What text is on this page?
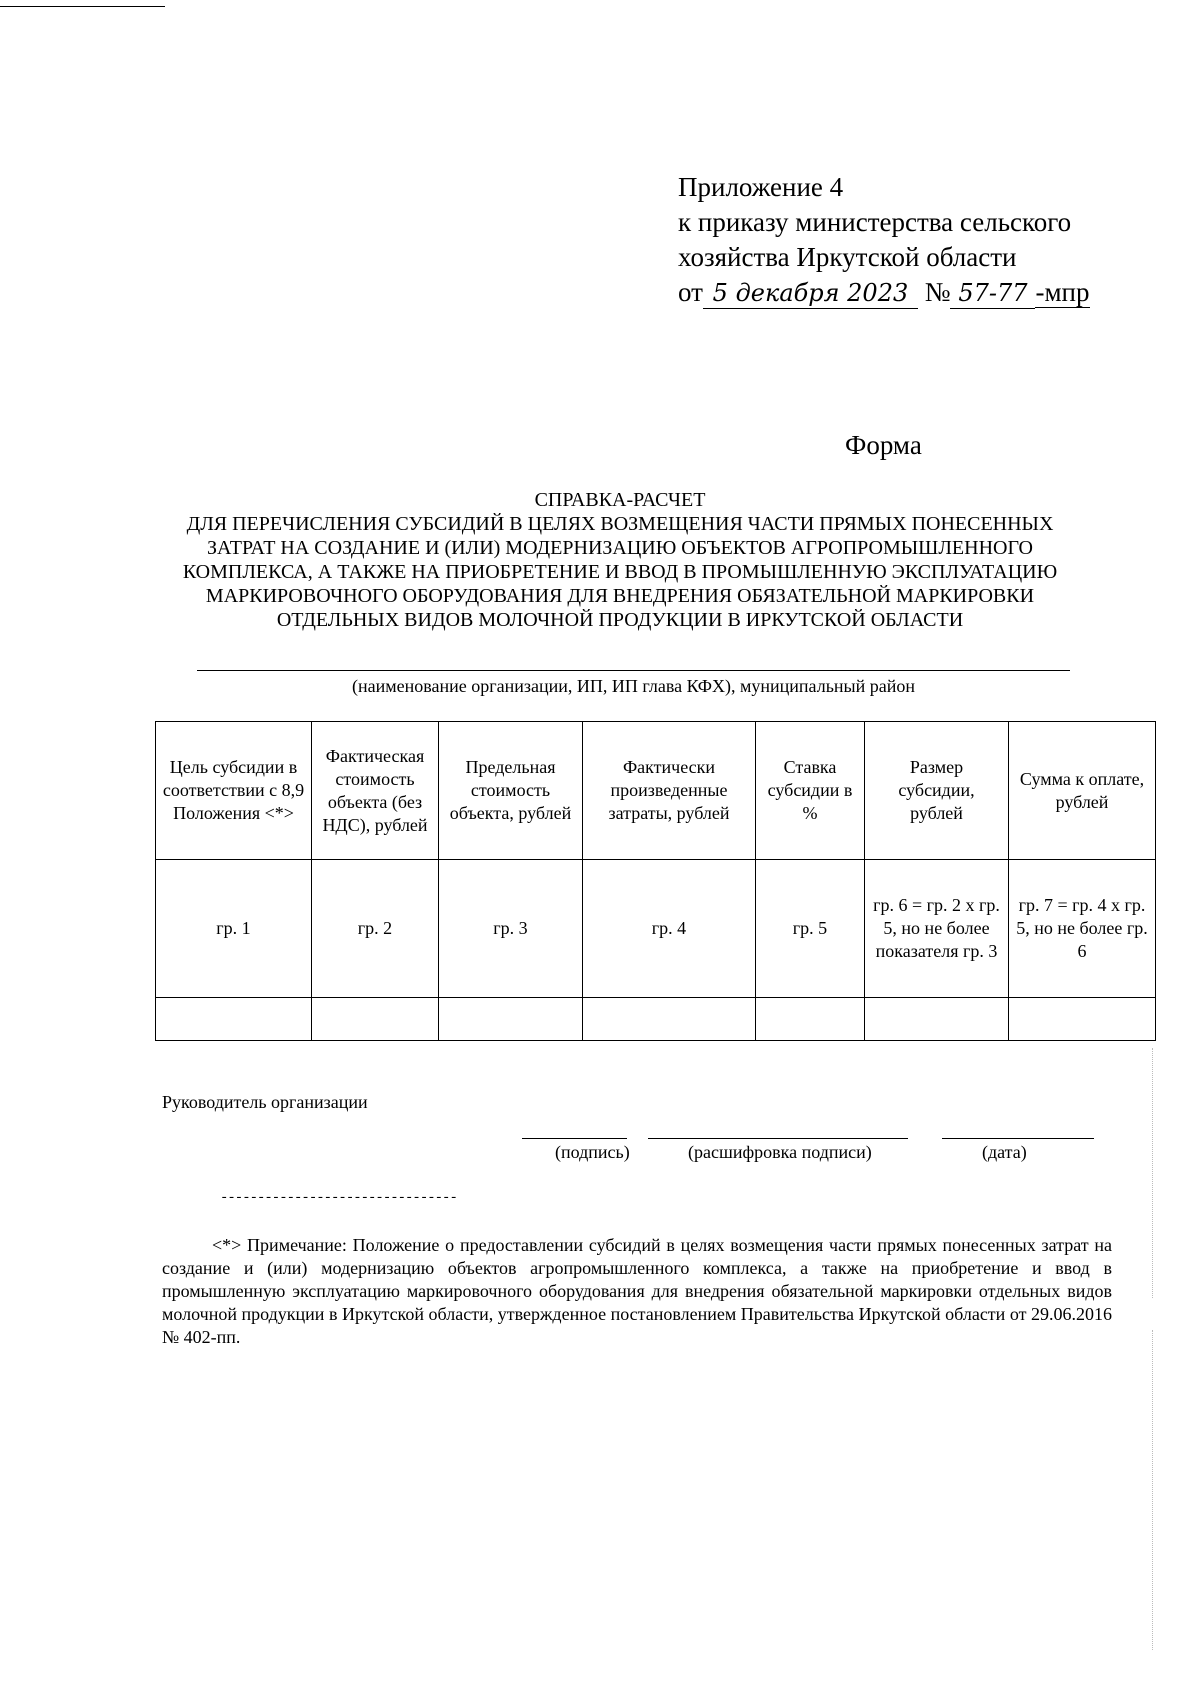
Приложение 4
к приказу министерства сельского
хозяйства Иркутской области
от 5 декабря 2023 № 57-77 -мпр
Форма
СПРАВКА-РАСЧЕТ
ДЛЯ ПЕРЕЧИСЛЕНИЯ СУБСИДИЙ В ЦЕЛЯХ ВОЗМЕЩЕНИЯ ЧАСТИ ПРЯМЫХ ПОНЕСЕННЫХ
ЗАТРАТ НА СОЗДАНИЕ И (ИЛИ) МОДЕРНИЗАЦИЮ ОБЪЕКТОВ АГРОПРОМЫШЛЕННОГО
КОМПЛЕКСА, А ТАКЖЕ НА ПРИОБРЕТЕНИЕ И ВВОД В ПРОМЫШЛЕННУЮ ЭКСПЛУАТАЦИЮ
МАРКИРОВОЧНОГО ОБОРУДОВАНИЯ ДЛЯ ВНЕДРЕНИЯ ОБЯЗАТЕЛЬНОЙ МАРКИРОВКИ
ОТДЕЛЬНЫХ ВИДОВ МОЛОЧНОЙ ПРОДУКЦИИ В ИРКУТСКОЙ ОБЛАСТИ
(наименование организации, ИП, ИП глава КФХ), муниципальный район
Цель субсидии в соответствии с 8,9 Положения <*>	Фактическая стоимость объекта (без НДС), рублей	Предельная стоимость объекта, рублей	Фактически произведенные затраты, рублей	Ставка субсидии в %	Размер субсидии, рублей	Сумма к оплате, рублей
гр. 1	гр. 2	гр. 3	гр. 4	гр. 5	гр. 6 = гр. 2 х гр. 5, но не более показателя гр. 3	гр. 7 = гр. 4 х гр. 5, но не более гр. 6

Руководитель организации
(подпись)	(расшифровка подписи)	(дата)
--------------------------------
<*> Примечание: Положение о предоставлении субсидий в целях возмещения части прямых понесенных затрат на создание и (или) модернизацию объектов агропромышленного комплекса, а также на приобретение и ввод в промышленную эксплуатацию маркировочного оборудования для внедрения обязательной маркировки отдельных видов молочной продукции в Иркутской области, утвержденное постановлением Правительства Иркутской области от 29.06.2016 № 402-пп.
